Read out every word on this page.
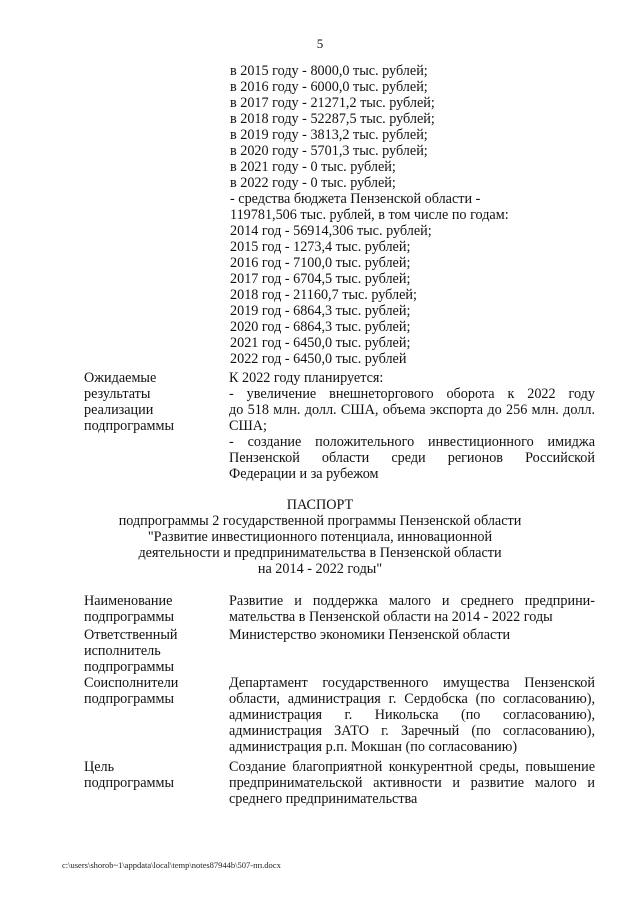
5
в 2015 году - 8000,0 тыс. рублей;
в 2016 году - 6000,0 тыс. рублей;
в 2017 году - 21271,2 тыс. рублей;
в 2018 году - 52287,5 тыс. рублей;
в 2019 году - 3813,2 тыс. рублей;
в 2020 году - 5701,3 тыс. рублей;
в 2021 году - 0 тыс. рублей;
в 2022 году - 0 тыс. рублей;
- средства бюджета Пензенской области -
119781,506 тыс. рублей, в том числе по годам:
2014 год - 56914,306 тыс. рублей;
2015 год - 1273,4 тыс. рублей;
2016 год - 7100,0 тыс. рублей;
2017 год - 6704,5 тыс. рублей;
2018 год - 21160,7 тыс. рублей;
2019 год - 6864,3 тыс. рублей;
2020 год - 6864,3 тыс. рублей;
2021 год - 6450,0 тыс. рублей;
2022 год - 6450,0 тыс. рублей
Ожидаемые
результаты
реализации
подпрограммы
К 2022 году планируется:
- увеличение внешнеторгового оборота к 2022 году
до 518 млн. долл. США, объема экспорта до 256 млн. долл.
США;
- создание положительного инвестиционного имиджа
Пензенской области среди регионов Российской
Федерации и за рубежом
ПАСПОРТ
подпрограммы 2 государственной программы Пензенской области
"Развитие инвестиционного потенциала, инновационной
деятельности и предпринимательства в Пензенской области
на 2014 - 2022 годы"
Наименование
подпрограммы
Развитие и поддержка малого и среднего предприни-
мательства в Пензенской области на 2014 - 2022 годы
Ответственный
исполнитель
подпрограммы
Министерство экономики Пензенской области
Соисполнители
подпрограммы
Департамент государственного имущества Пензенской
области, администрация г. Сердобска (по согласованию),
администрация г. Никольска (по согласованию),
администрация ЗАТО г. Заречный (по согласованию),
администрация р.п. Мокшан (по согласованию)
Цель
подпрограммы
Создание благоприятной конкурентной среды, повышение
предпринимательской активности и развитие малого и
среднего предпринимательства
c:\users\shorob~1\appdata\local\temp\notes87944b\507-пп.docx
